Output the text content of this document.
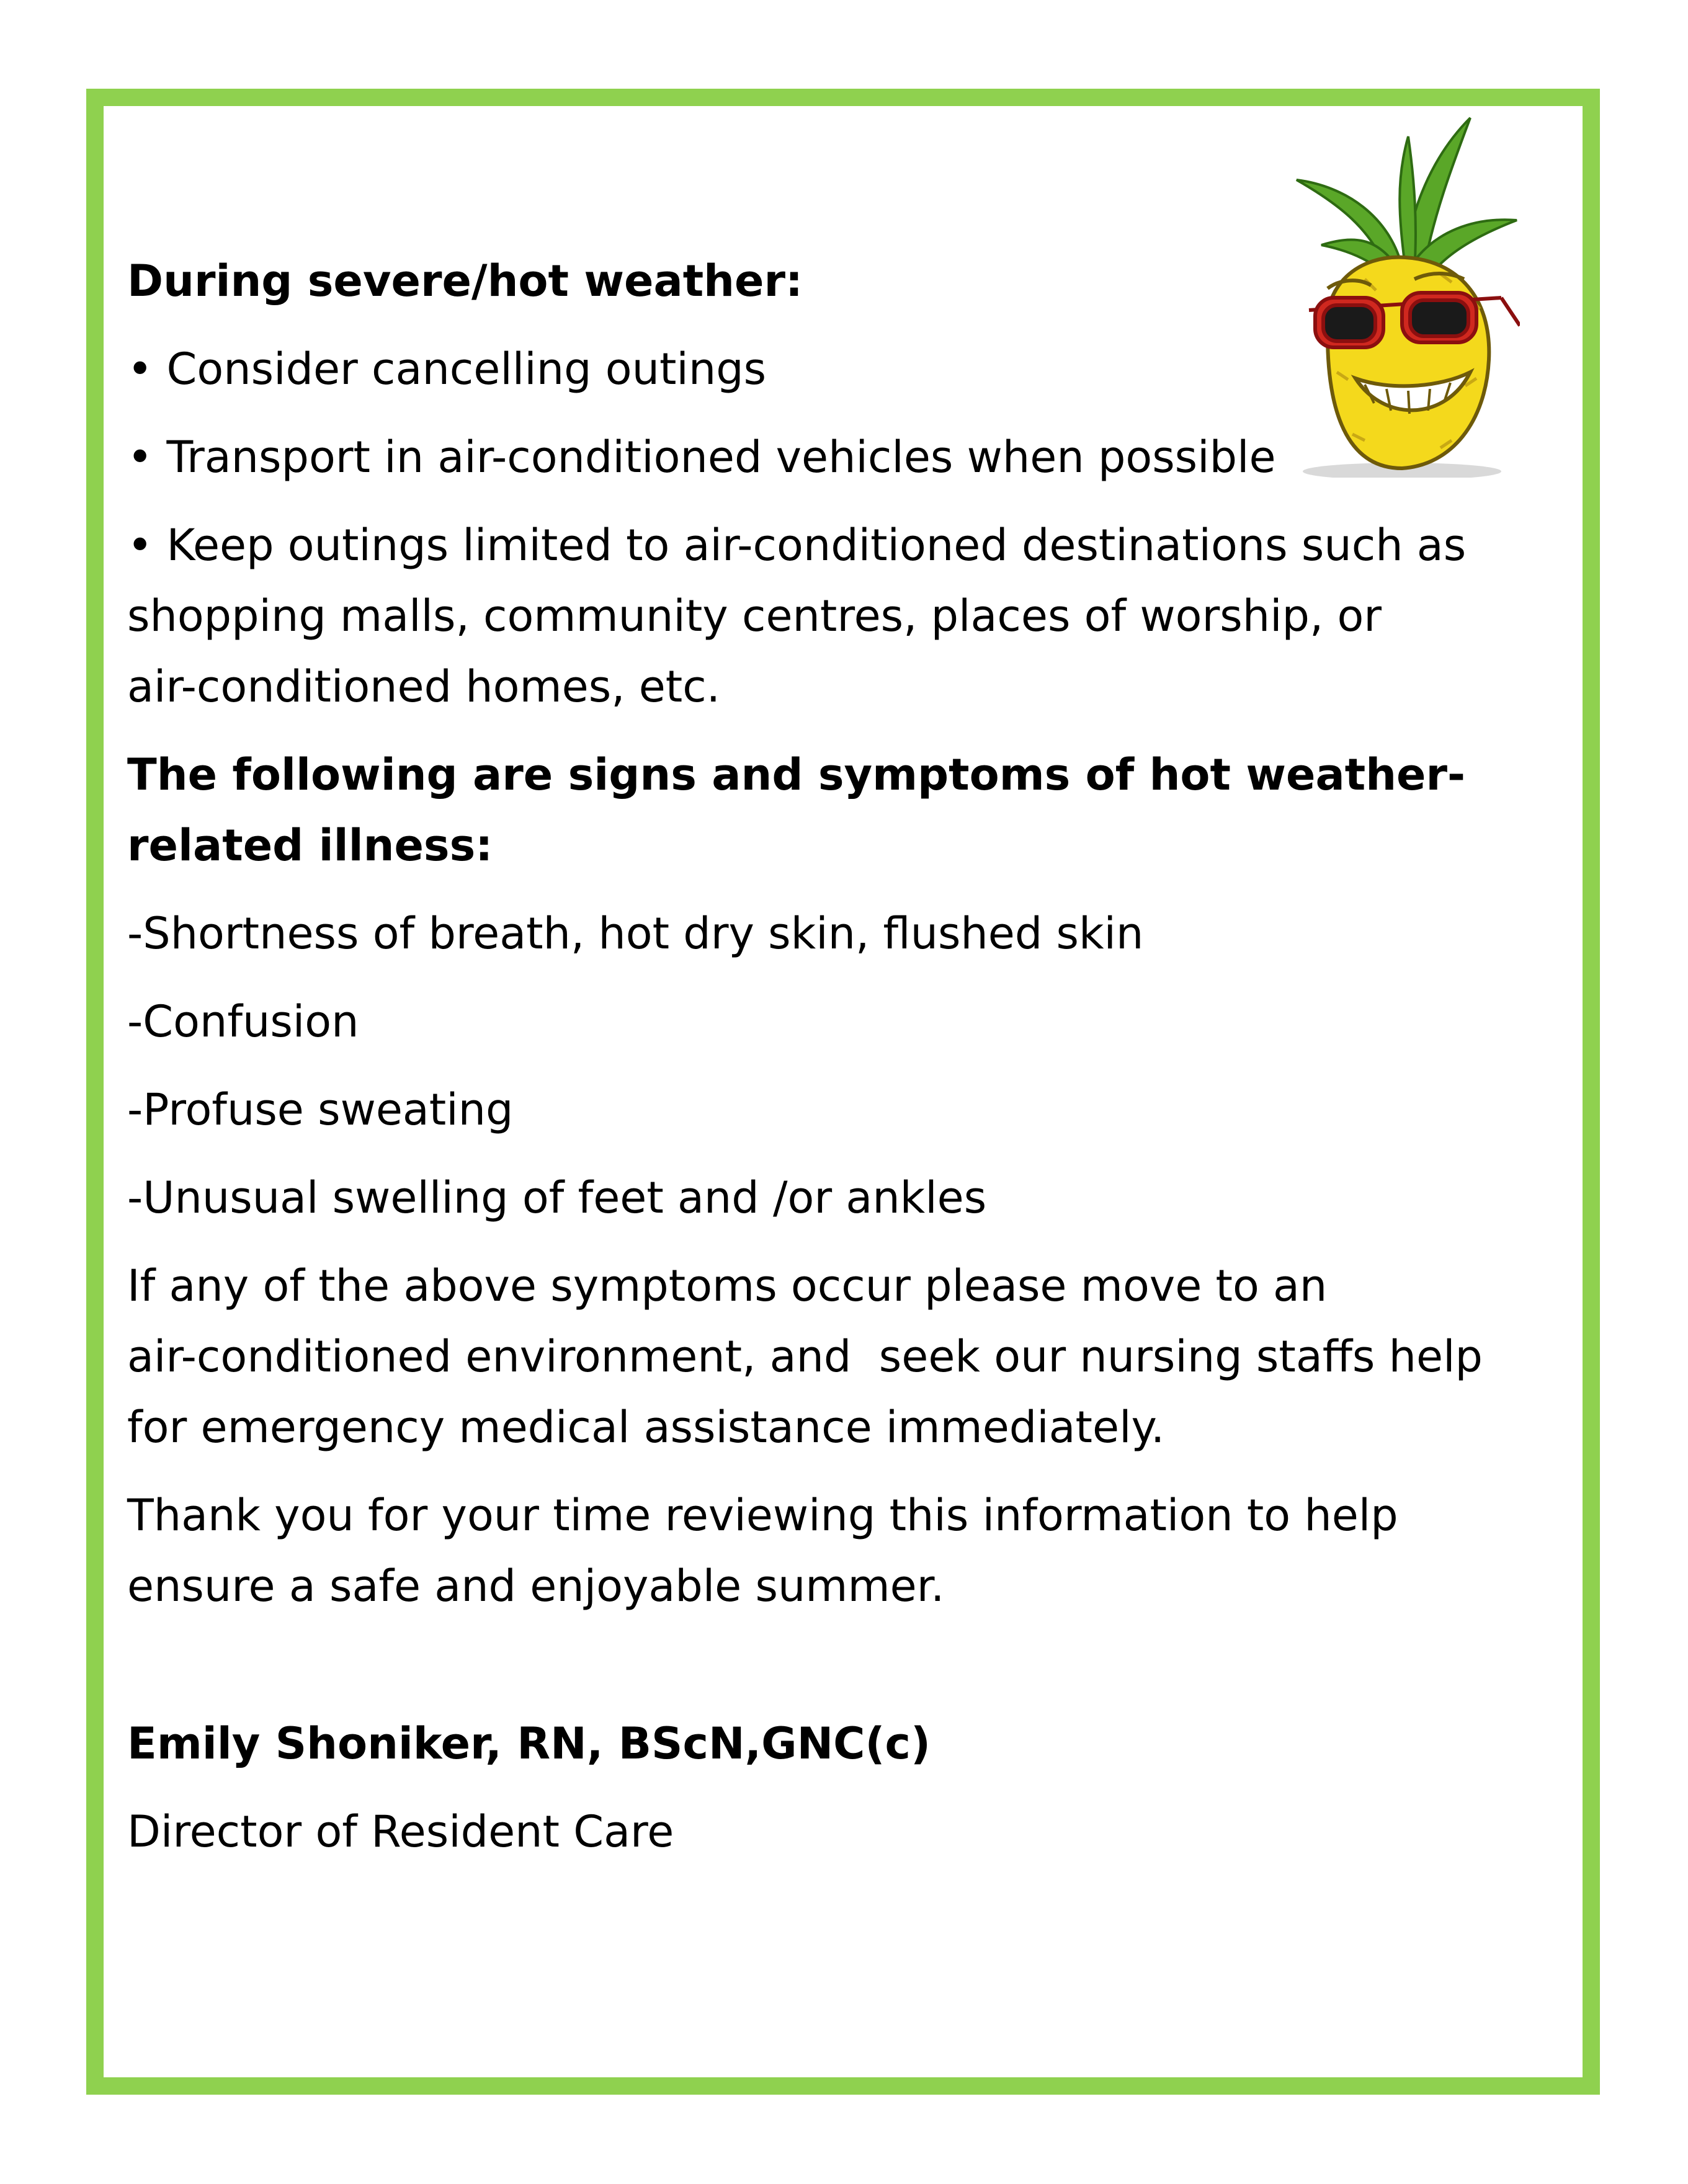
During severe/hot weather:

• Consider cancelling outings

• Transport in air-conditioned vehicles when possible

• Keep outings limited to air-conditioned destinations such as

shopping malls, community centres, places of worship, or

air-conditioned homes, etc.

The following are signs and symptoms of hot weather-

related illness:

-Shortness of breath, hot dry skin, flushed skin

-Confusion

-Profuse sweating

-Unusual swelling of feet and /or ankles

If any of the above symptoms occur please move to an

air-conditioned environment, and  seek our nursing staffs help

for emergency medical assistance immediately.

Thank you for your time reviewing this information to help

ensure a safe and enjoyable summer.

Emily Shoniker, RN, BScN,GNC(c)

Director of Resident Care
